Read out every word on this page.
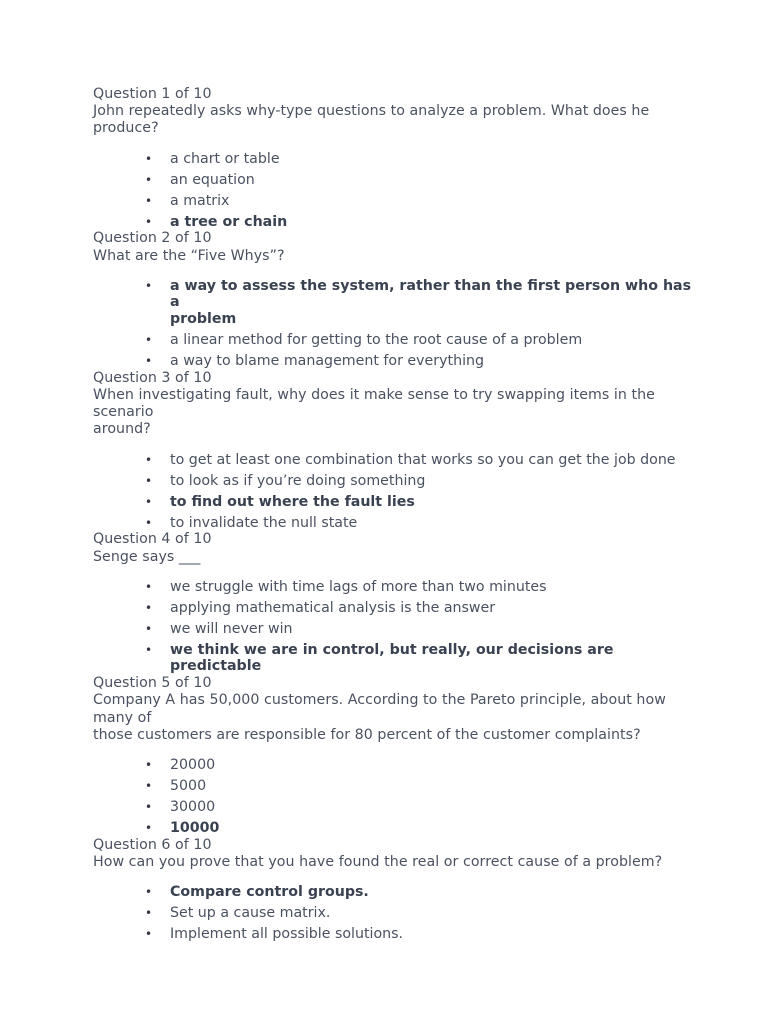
Question 1 of 10

John repeatedly asks why-type questions to analyze a problem. What does he
produce?

• a chart or table
• an equation
• a matrix
• a tree or chain

Question 2 of 10

What are the “Five Whys”?

• a way to assess the system, rather than the first person who has a
problem
• a linear method for getting to the root cause of a problem
• a way to blame management for everything

Question 3 of 10

When investigating fault, why does it make sense to try swapping items in the
scenario
around?

• to get at least one combination that works so you can get the job done
• to look as if you’re doing something
• to find out where the fault lies
• to invalidate the null state

Question 4 of 10

Senge says ___

• we struggle with time lags of more than two minutes
• applying mathematical analysis is the answer
• we will never win
• we think we are in control, but really, our decisions are predictable

Question 5 of 10

Company A has 50,000 customers. According to the Pareto principle, about how
many of
those customers are responsible for 80 percent of the customer complaints?

• 20000
• 5000
• 30000
• 10000

Question 6 of 10

How can you prove that you have found the real or correct cause of a problem?

• Compare control groups.
• Set up a cause matrix.
• Implement all possible solutions.
